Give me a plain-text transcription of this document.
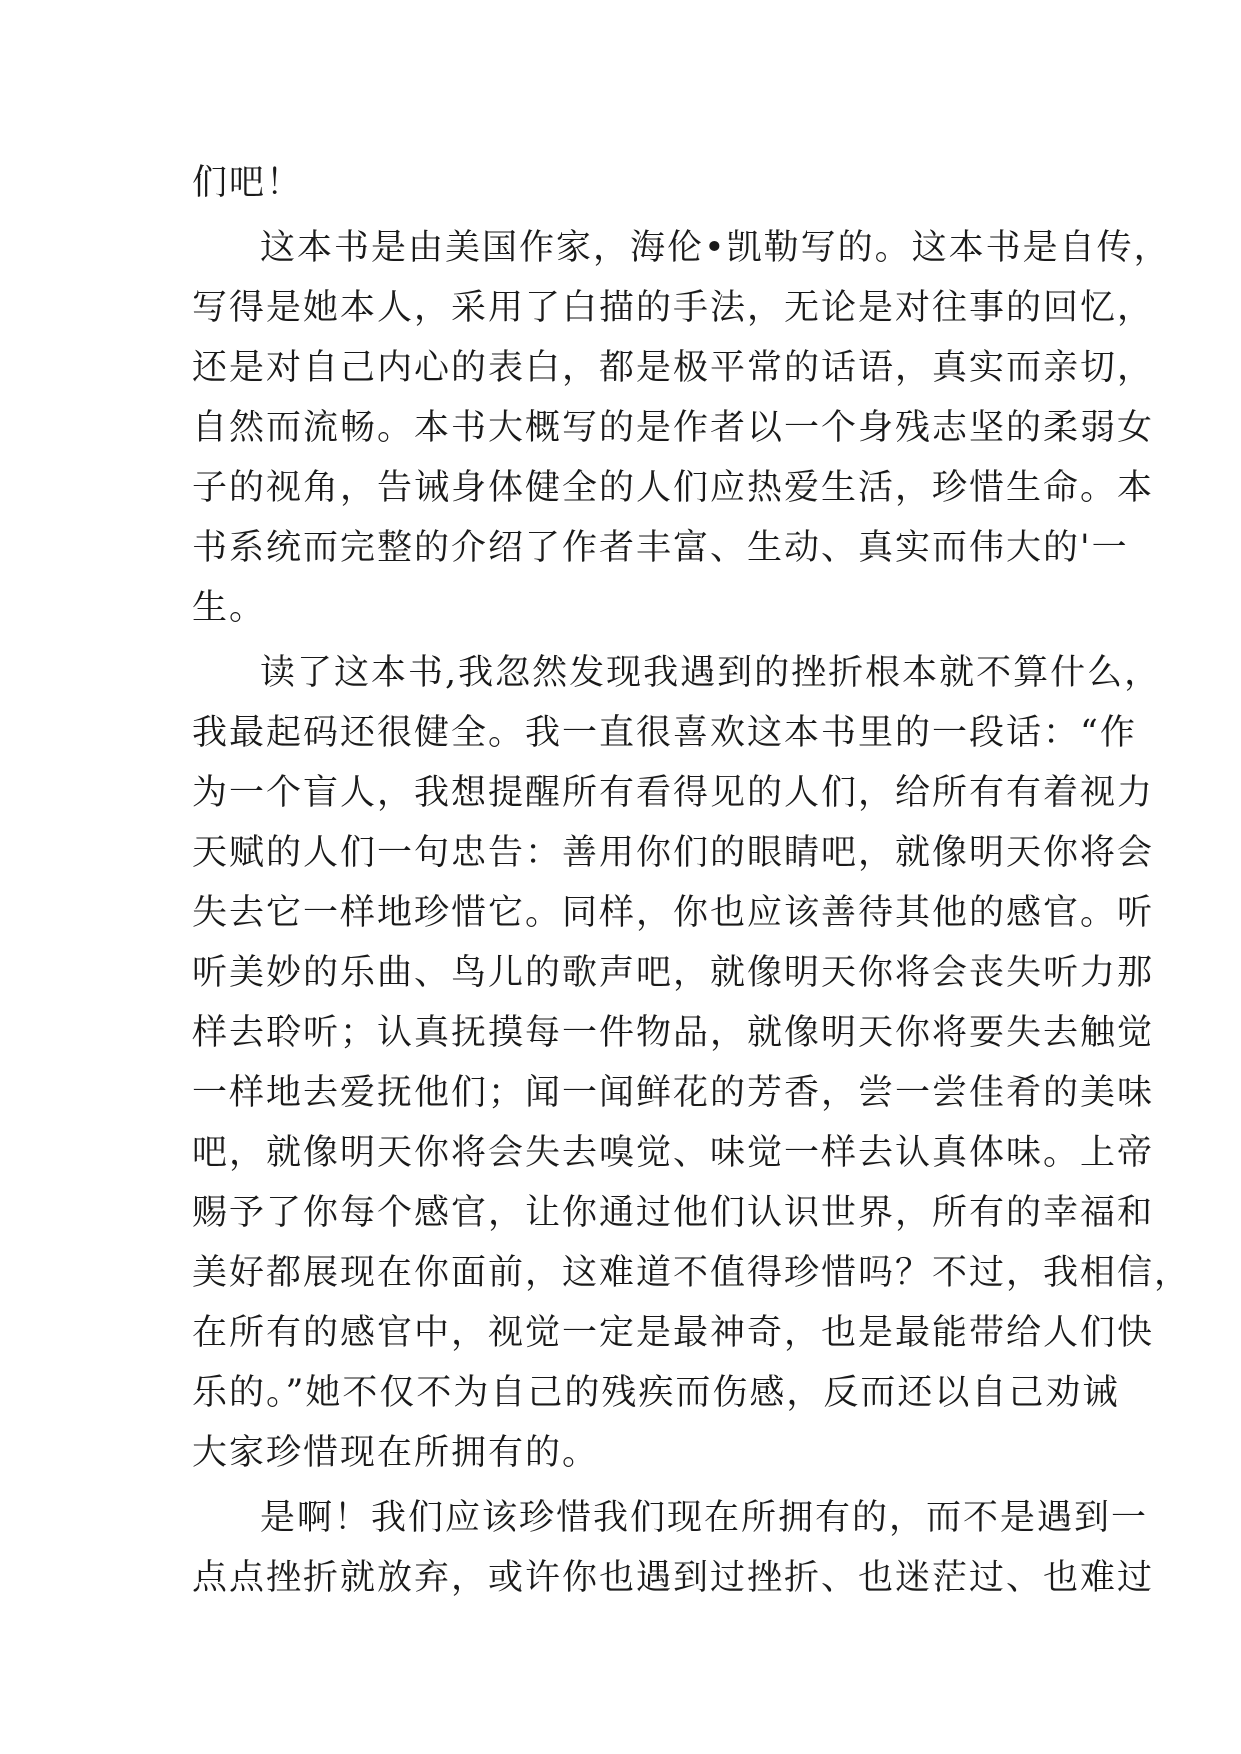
们吧！
这本书是由美国作家，海伦•凯勒写的。这本书是自传，
写得是她本人，采用了白描的手法，无论是对往事的回忆，
还是对自己内心的表白，都是极平常的话语，真实而亲切，
自然而流畅。本书大概写的是作者以一个身残志坚的柔弱女
子的视角，告诫身体健全的人们应热爱生活，珍惜生命。本
书系统而完整的介绍了作者丰富、生动、真实而伟大的'一
生。
读了这本书,我忽然发现我遇到的挫折根本就不算什么，
我最起码还很健全。我一直很喜欢这本书里的一段话：“作
为一个盲人，我想提醒所有看得见的人们，给所有有着视力
天赋的人们一句忠告：善用你们的眼睛吧，就像明天你将会
失去它一样地珍惜它。同样，你也应该善待其他的感官。听
听美妙的乐曲、鸟儿的歌声吧，就像明天你将会丧失听力那
样去聆听；认真抚摸每一件物品，就像明天你将要失去触觉
一样地去爱抚他们；闻一闻鲜花的芳香，尝一尝佳肴的美味
吧，就像明天你将会失去嗅觉、味觉一样去认真体味。上帝
赐予了你每个感官，让你通过他们认识世界，所有的幸福和
美好都展现在你面前，这难道不值得珍惜吗？不过，我相信，
在所有的感官中，视觉一定是最神奇，也是最能带给人们快
乐的。”她不仅不为自己的残疾而伤感，反而还以自己劝诫
大家珍惜现在所拥有的。
是啊！我们应该珍惜我们现在所拥有的，而不是遇到一
点点挫折就放弃，或许你也遇到过挫折、也迷茫过、也难过
